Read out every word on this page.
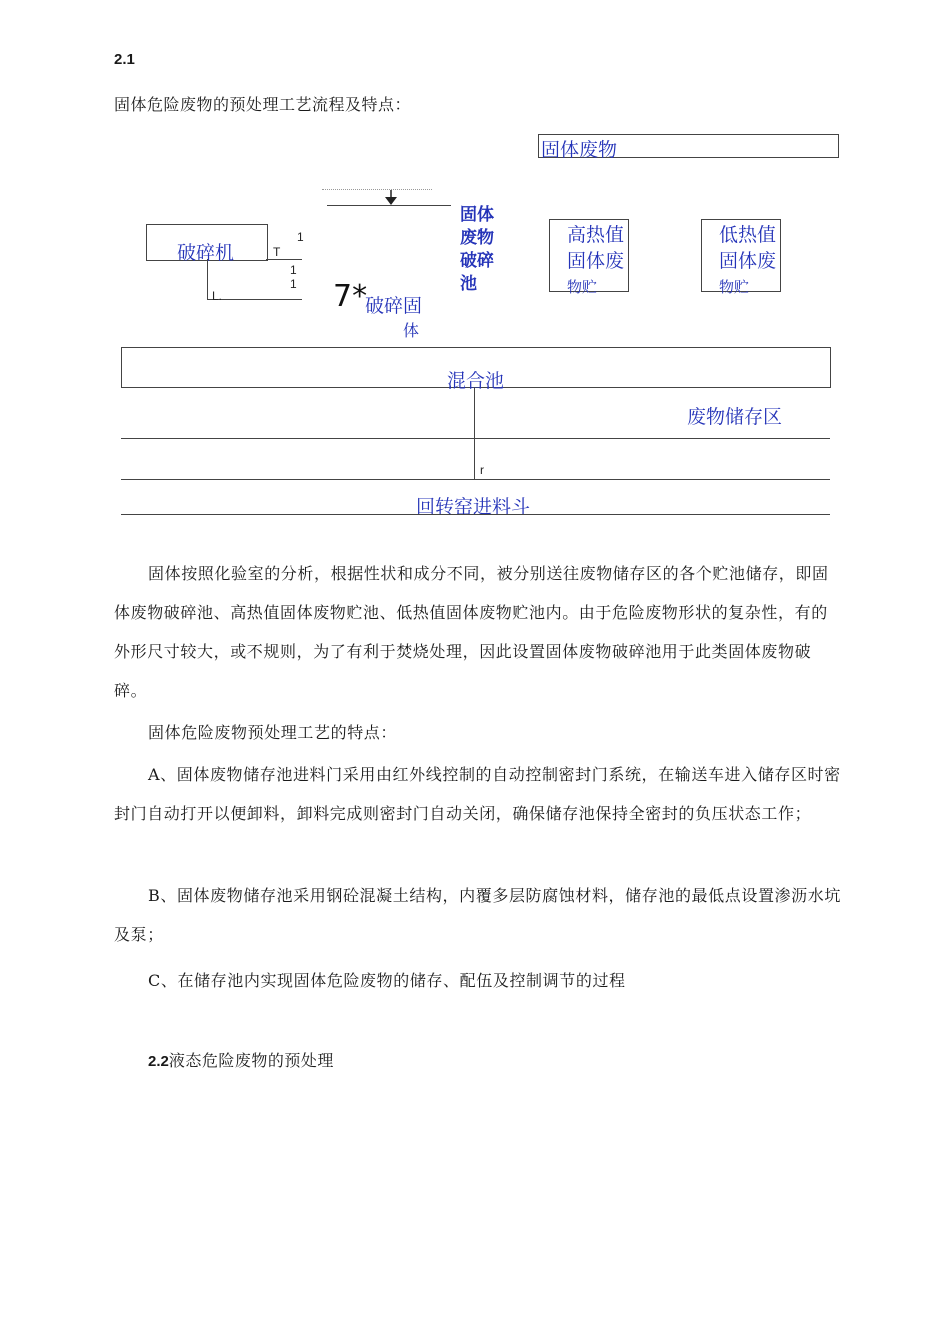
2.1
固体危险废物的预处理工艺流程及特点：
固体废物
破碎机	T
1
1
1
L.	7*
破碎固
体
固体
废物
破碎
池
高热值
固体废
物贮
低热值
固体废
物贮
混合池
废物储存区
r
回转窑进料斗

固体按照化验室的分析，根据性状和成分不同，被分别送往废物储存区的各个贮池储存，即固体废物破碎池、高热值固体废物贮池、低热值固体废物贮池内。由于危险废物形状的复杂性，有的外形尺寸较大，或不规则，为了有利于焚烧处理，因此设置固体废物破碎池用于此类固体废物破碎。

固体危险废物预处理工艺的特点：

A、固体废物储存池进料门采用由红外线控制的自动控制密封门系统，在输送车进入储存区时密封门自动打开以便卸料，卸料完成则密封门自动关闭，确保储存池保持全密封的负压状态工作；

B、固体废物储存池采用钢砼混凝土结构，内覆多层防腐蚀材料，储存池的最低点设置渗沥水坑及泵；

C、在储存池内实现固体危险废物的储存、配伍及控制调节的过程

2.2液态危险废物的预处理
